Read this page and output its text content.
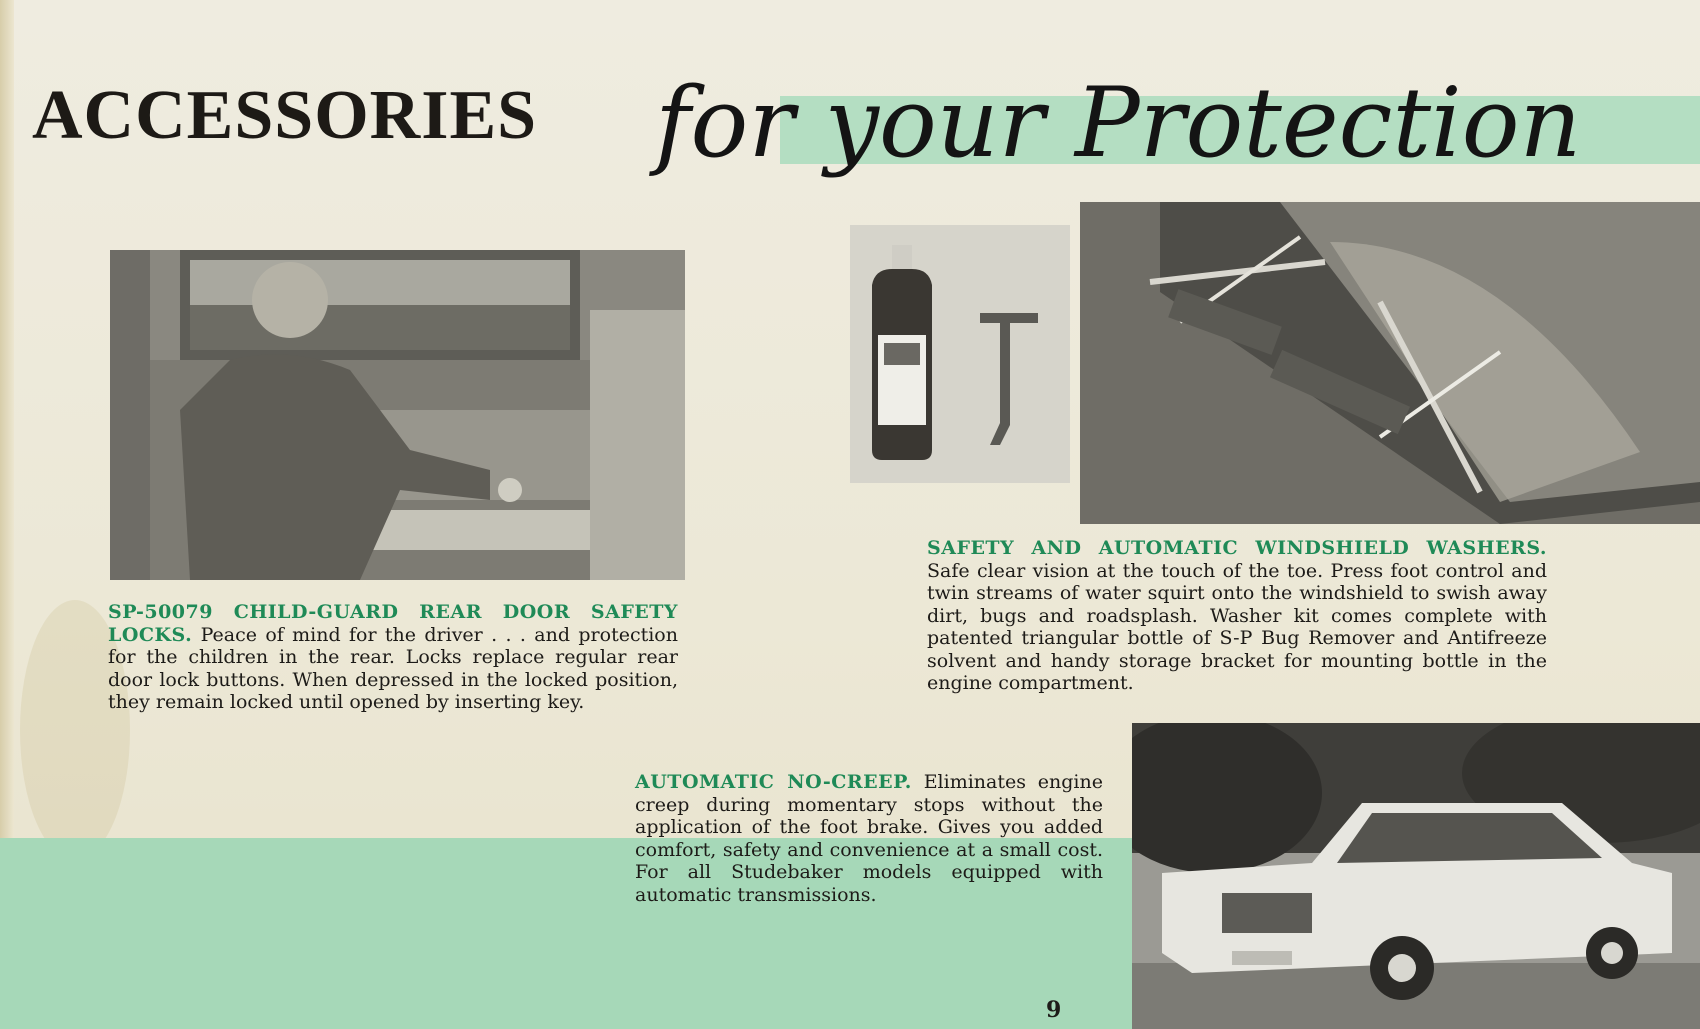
ACCESSORIES for your Protection

SP-50079 CHILD-GUARD REAR DOOR SAFETY LOCKS. Peace of mind for the driver . . . and protection for the children in the rear. Locks replace regular rear door lock buttons. When depressed in the locked position, they remain locked until opened by inserting key.

SAFETY AND AUTOMATIC WINDSHIELD WASHERS. Safe clear vision at the touch of the toe. Press foot control and twin streams of water squirt onto the windshield to swish away dirt, bugs and roadsplash. Washer kit comes complete with patented triangular bottle of S-P Bug Remover and Antifreeze solvent and handy storage bracket for mounting bottle in the engine compartment.

AUTOMATIC NO-CREEP. Eliminates engine creep during momentary stops without the application of the foot brake. Gives you added comfort, safety and convenience at a small cost. For all Studebaker models equipped with automatic transmissions.

9
